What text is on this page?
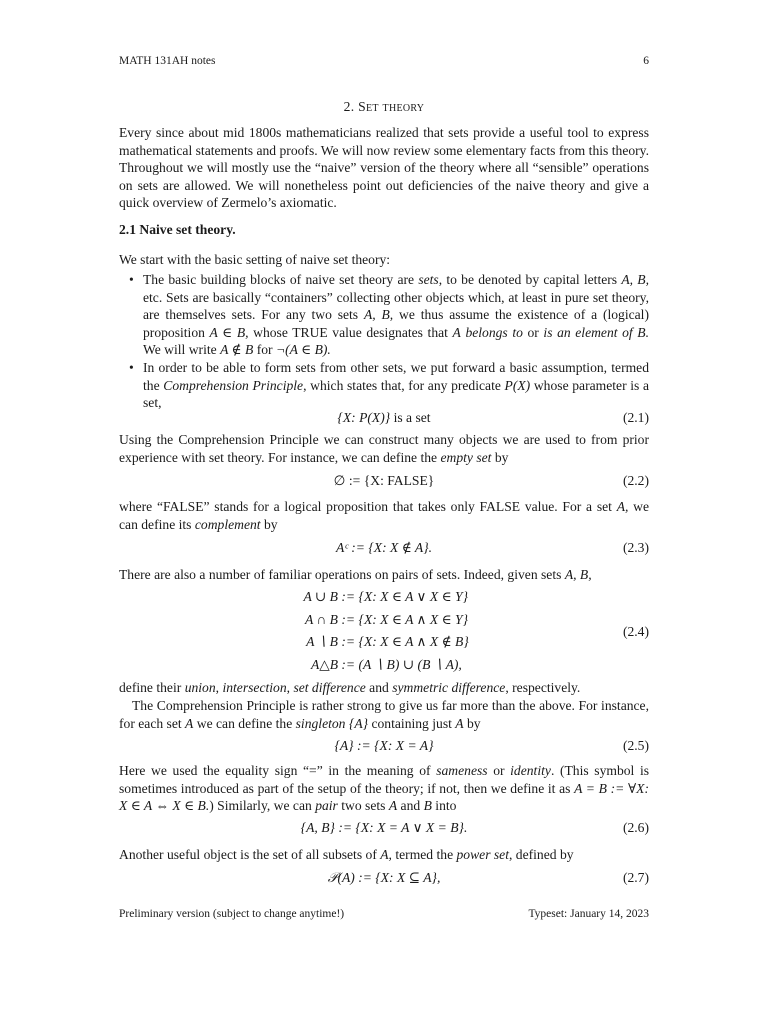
MATH 131AH notes	6
2. Set theory
Every since about mid 1800s mathematicians realized that sets provide a useful tool to express mathematical statements and proofs. We will now review some elementary facts from this theory. Throughout we will mostly use the “naive” version of the theory where all “sensible” operations on sets are allowed. We will nonetheless point out deficiencies of the naive theory and give a quick overview of Zermelo’s axiomatic.
2.1 Naive set theory.
We start with the basic setting of naive set theory:
• The basic building blocks of naive set theory are sets, to be denoted by capital letters A, B, etc. Sets are basically “containers” collecting other objects which, at least in pure set theory, are themselves sets. For any two sets A, B, we thus assume the existence of a (logical) proposition A ∈ B, whose TRUE value designates that A belongs to or is an element of B. We will write A ∉ B for ¬(A ∈ B).
• In order to be able to form sets from other sets, we put forward a basic assumption, termed the Comprehension Principle, which states that, for any predicate P(X) whose parameter is a set,
{X: P(X)} is a set	(2.1)
Using the Comprehension Principle we can construct many objects we are used to from prior experience with set theory. For instance, we can define the empty set by
∅ := {X: FALSE}	(2.2)
where “FALSE” stands for a logical proposition that takes only FALSE value. For a set A, we can define its complement by
Aᶜ := {X: X ∉ A}.	(2.3)
There are also a number of familiar operations on pairs of sets. Indeed, given sets A, B,
A ∪ B := {X: X ∈ A ∨ X ∈ Y}
A ∩ B := {X: X ∈ A ∧ X ∈ Y}
A ∖ B := {X: X ∈ A ∧ X ∉ B}
A△B := (A ∖ B) ∪ (B ∖ A),
(2.4)
define their union, intersection, set difference and symmetric difference, respectively.
The Comprehension Principle is rather strong to give us far more than the above. For instance, for each set A we can define the singleton {A} containing just A by
{A} := {X: X = A}	(2.5)
Here we used the equality sign “=” in the meaning of sameness or identity. (This symbol is sometimes introduced as part of the setup of the theory; if not, then we define it as A = B := ∀X: X ∈ A ⇔ X ∈ B.) Similarly, we can pair two sets A and B into
{A, B} := {X: X = A ∨ X = B}.	(2.6)
Another useful object is the set of all subsets of A, termed the power set, defined by
𝒫(A) := {X: X ⊆ A},	(2.7)
Preliminary version (subject to change anytime!)	Typeset: January 14, 2023
